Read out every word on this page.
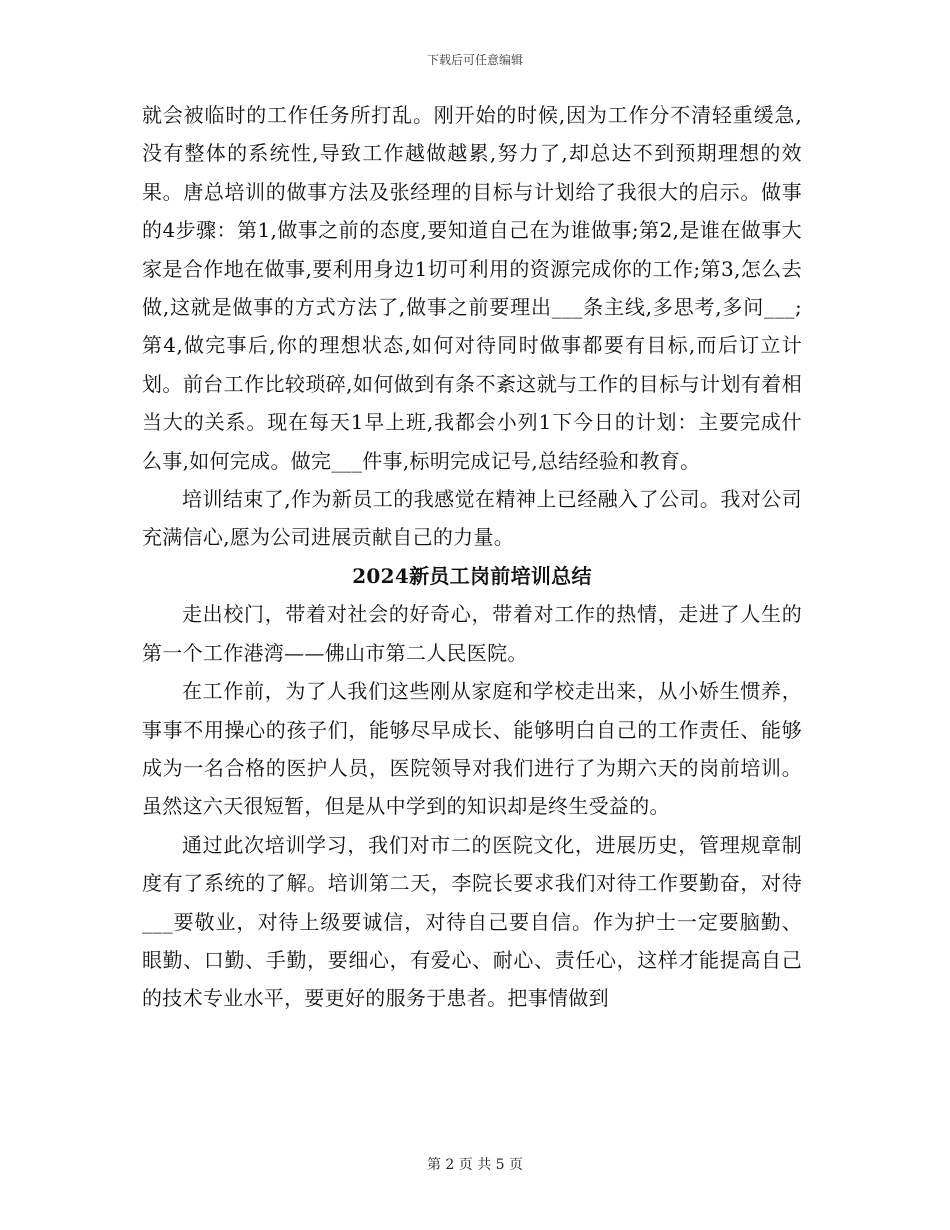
下载后可任意编辑

就会被临时的工作任务所打乱。刚开始的时候,因为工作分不清轻重缓急,没有整体的系统性,导致工作越做越累,努力了,却总达不到预期理想的效果。唐总培训的做事方法及张经理的目标与计划给了我很大的启示。做事的4步骤：第1,做事之前的态度,要知道自己在为谁做事;第2,是谁在做事大家是合作地在做事,要利用身边1切可利用的资源完成你的工作;第3,怎么去做,这就是做事的方式方法了,做事之前要理出___条主线,多思考,多问___;第4,做完事后,你的理想状态,如何对待同时做事都要有目标,而后订立计划。前台工作比较琐碎,如何做到有条不紊这就与工作的目标与计划有着相当大的关系。现在每天1早上班,我都会小列1下今日的计划：主要完成什么事,如何完成。做完___件事,标明完成记号,总结经验和教育。

培训结束了,作为新员工的我感觉在精神上已经融入了公司。我对公司充满信心,愿为公司进展贡献自己的力量。

2024新员工岗前培训总结

走出校门，带着对社会的好奇心，带着对工作的热情，走进了人生的第一个工作港湾——佛山市第二人民医院。

在工作前，为了人我们这些刚从家庭和学校走出来，从小娇生惯养，事事不用操心的孩子们，能够尽早成长、能够明白自己的工作责任、能够成为一名合格的医护人员，医院领导对我们进行了为期六天的岗前培训。虽然这六天很短暂，但是从中学到的知识却是终生受益的。

通过此次培训学习，我们对市二的医院文化，进展历史，管理规章制度有了系统的了解。培训第二天，李院长要求我们对待工作要勤奋，对待___要敬业，对待上级要诚信，对待自己要自信。作为护士一定要脑勤、眼勤、口勤、手勤，要细心，有爱心、耐心、责任心，这样才能提高自己的技术专业水平，要更好的服务于患者。把事情做到

第 2 页 共 5 页
